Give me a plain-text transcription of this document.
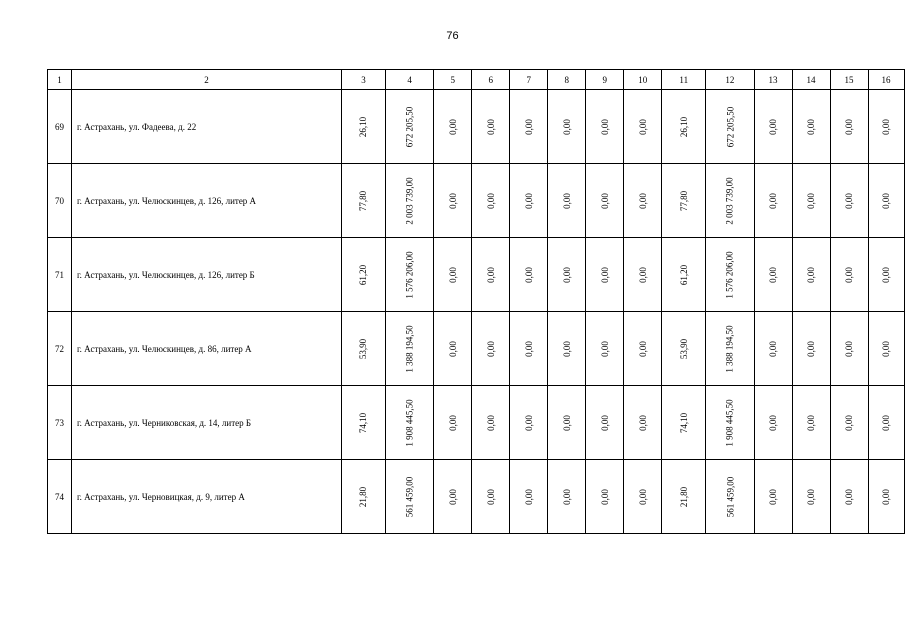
76
1	2	3	4	5	6	7	8	9	10	11	12	13	14	15	16
69	г. Астрахань, ул. Фадеева, д. 22	26,10	672 205,50	0,00	0,00	0,00	0,00	0,00	0,00	26,10	672 205,50	0,00	0,00	0,00	0,00
70	г. Астрахань, ул. Челюскинцев, д. 126, литер А	77,80	2 003 739,00	0,00	0,00	0,00	0,00	0,00	0,00	77,80	2 003 739,00	0,00	0,00	0,00	0,00
71	г. Астрахань, ул. Челюскинцев, д. 126, литер Б	61,20	1 576 206,00	0,00	0,00	0,00	0,00	0,00	0,00	61,20	1 576 206,00	0,00	0,00	0,00	0,00
72	г. Астрахань, ул. Челюскинцев, д. 86, литер А	53,90	1 388 194,50	0,00	0,00	0,00	0,00	0,00	0,00	53,90	1 388 194,50	0,00	0,00	0,00	0,00
73	г. Астрахань, ул. Черниковская, д. 14, литер Б	74,10	1 908 445,50	0,00	0,00	0,00	0,00	0,00	0,00	74,10	1 908 445,50	0,00	0,00	0,00	0,00
74	г. Астрахань, ул. Черновицкая, д. 9, литер А	21,80	561 459,00	0,00	0,00	0,00	0,00	0,00	0,00	21,80	561 459,00	0,00	0,00	0,00	0,00
